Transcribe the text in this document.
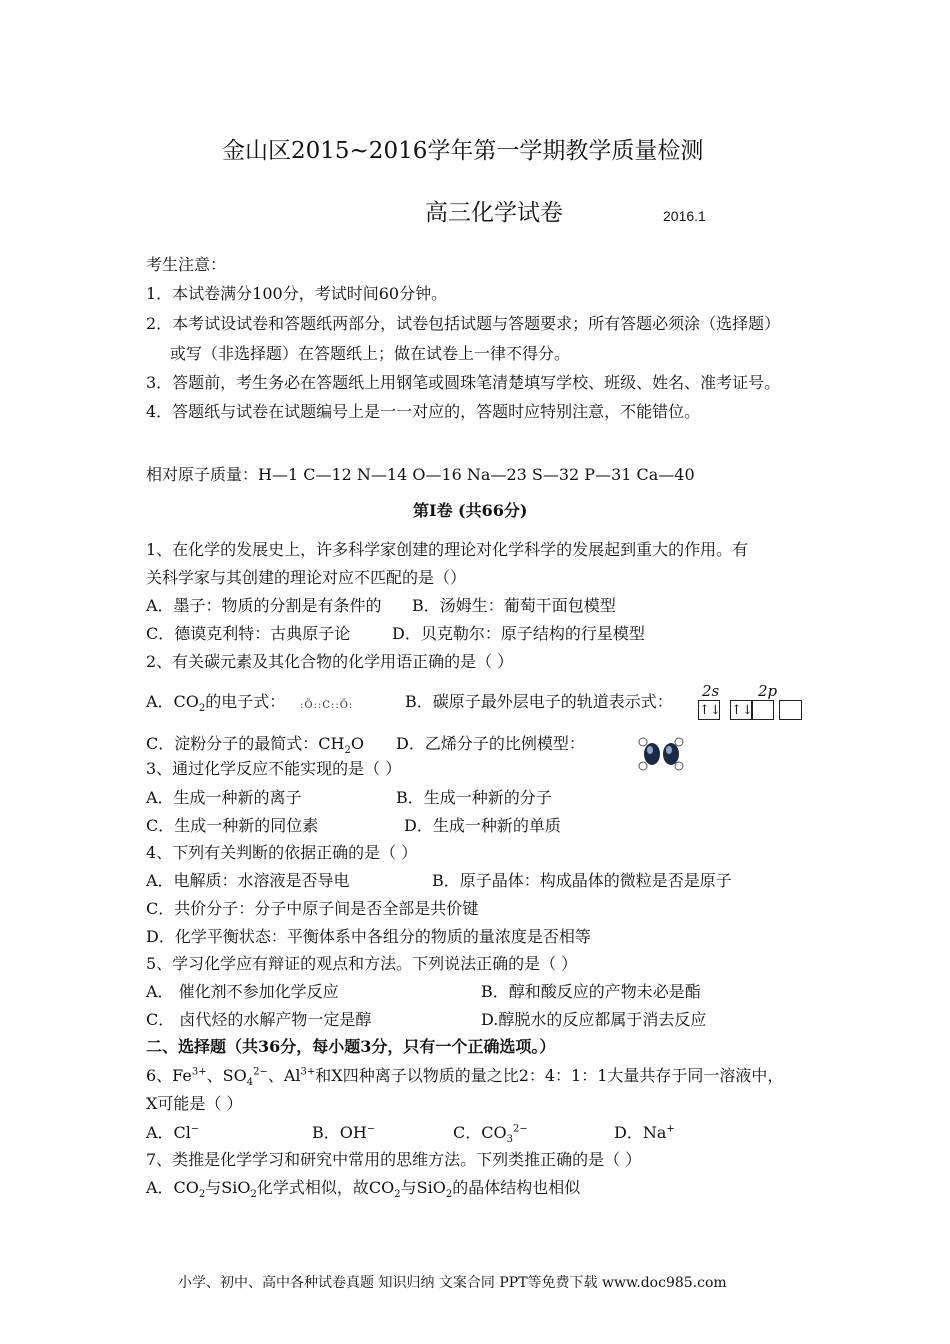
金山区2015~2016学年第一学期教学质量检测
高三化学试卷	2016.1
考生注意：
1．本试卷满分100分，考试时间60分钟。
2．本考试设试卷和答题纸两部分，试卷包括试题与答题要求；所有答题必须涂（选择题）
或写（非选择题）在答题纸上；做在试卷上一律不得分。
3．答题前，考生务必在答题纸上用钢笔或圆珠笔清楚填写学校、班级、姓名、准考证号。
4．答题纸与试卷在试题编号上是一一对应的，答题时应特别注意，不能错位。
相对原子质量：H—1 C—12 N—14 O—16 Na—23 S—32 P—31 Ca—40
第Ⅰ卷 (共66分)
1、在化学的发展史上，许多科学家创建的理论对化学科学的发展起到重大的作用。有
关科学家与其创建的理论对应不匹配的是（）
A．墨子：物质的分割是有条件的 B．汤姆生：葡萄干面包模型
C．德谟克利特：古典原子论	D．贝克勒尔：原子结构的行星模型
2、有关碳元素及其化合物的化学用语正确的是（ ）
A．$CO_2$的电子式： :Ö::C::Ö:	B．碳原子最外层电子的轨道表示式：
2s	2p
↑↓ ↑↓
C．淀粉分子的最简式：$CH_2O$ D．乙烯分子的比例模型：
3、通过化学反应不能实现的是（ ）
A．生成一种新的离子	B．生成一种新的分子
C．生成一种新的同位素	D．生成一种新的单质
4、下列有关判断的依据正确的是（ ）
A．电解质：水溶液是否导电	B．原子晶体：构成晶体的微粒是否是原子
C．共价分子：分子中原子间是否全部是共价键
D．化学平衡状态：平衡体系中各组分的物质的量浓度是否相等
5、学习化学应有辩证的观点和方法。下列说法正确的是（ ）
A． 催化剂不参加化学反应	B．醇和酸反应的产物未必是酯
C． 卤代烃的水解产物一定是醇	D.醇脱水的反应都属于消去反应
二、选择题（共36分，每小题3分，只有一个正确选项。）
6、$Fe^{3+}$、$SO_4^{2-}$、$Al^{3+}$和X四种离子以物质的量之比2：4：1：1大量共存于同一溶液中，
X可能是（ ）
A．Cl−	B．OH−	C．$CO_3^{2-}$	D．Na+
7、类推是化学学习和研究中常用的思维方法。下列类推正确的是（ ）
A．$CO_2$与SiO$_2$化学式相似，故$CO_2$与SiO$_2$的晶体结构也相似
小学、初中、高中各种试卷真题 知识归纳 文案合同 PPT等免费下载 www.doc985.com
